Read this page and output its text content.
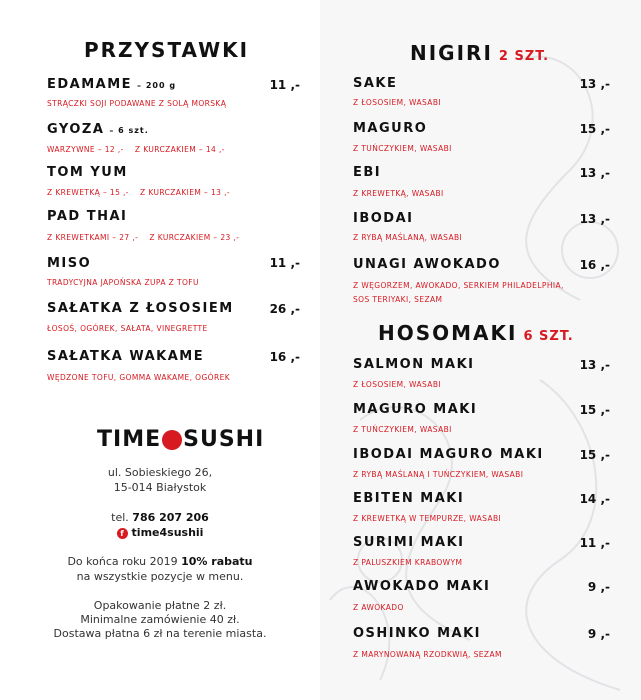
PRZYSTAWKI
EDAMAME – 200 g	11 ,-
STRĄCZKI SOJI PODAWANE Z SOLĄ MORSKĄ
GYOZA – 6 szt.
WARZYWNE – 12 ,-    Z KURCZAKIEM – 14 ,-
TOM YUM
Z KREWETKĄ – 15 ,-    Z KURCZAKIEM – 13 ,-
PAD THAI
Z KREWETKAMI – 27 ,-    Z KURCZAKIEM – 23 ,-
MISO	11 ,-
TRADYCYJNA JAPOŃSKA ZUPA Z TOFU
SAŁATKA Z ŁOSOSIEM	26 ,-
ŁOSOŚ, OGÓREK, SAŁATA, VINEGRETTE
SAŁATKA WAKAME	16 ,-
WĘDZONE TOFU, GOMMA WAKAME, OGÓREK
TIME SUSHI
ul. Sobieskiego 26,
15-014 Białystok
tel. 786 207 206
f time4sushii
Do końca roku 2019 10% rabatu
na wszystkie pozycje w menu.
Opakowanie płatne 2 zł.
Minimalne zamówienie 40 zł.
Dostawa płatna 6 zł na terenie miasta.
NIGIRI 2 SZT.
SAKE	13 ,-
Z ŁOSOSIEM, WASABI
MAGURO	15 ,-
Z TUŃCZYKIEM, WASABI
EBI	13 ,-
Z KREWETKĄ, WASABI
IBODAI	13 ,-
Z RYBĄ MAŚLANĄ, WASABI
UNAGI AWOKADO	16 ,-
Z WĘGORZEM, AWOKADO, SERKIEM PHILADELPHIA,
SOS TERIYAKI, SEZAM
HOSOMAKI 6 SZT.
SALMON MAKI	13 ,-
Z ŁOSOSIEM, WASABI
MAGURO MAKI	15 ,-
Z TUŃCZYKIEM, WASABI
IBODAI MAGURO MAKI	15 ,-
Z RYBĄ MAŚLANĄ I TUŃCZYKIEM, WASABI
EBITEN MAKI	14 ,-
Z KREWETKĄ W TEMPURZE, WASABI
SURIMI MAKI	11 ,-
Z PALUSZKIEM KRABOWYM
AWOKADO MAKI	9 ,-
Z AWOKADO
OSHINKO MAKI	9 ,-
Z MARYNOWANĄ RZODKWIĄ, SEZAM
